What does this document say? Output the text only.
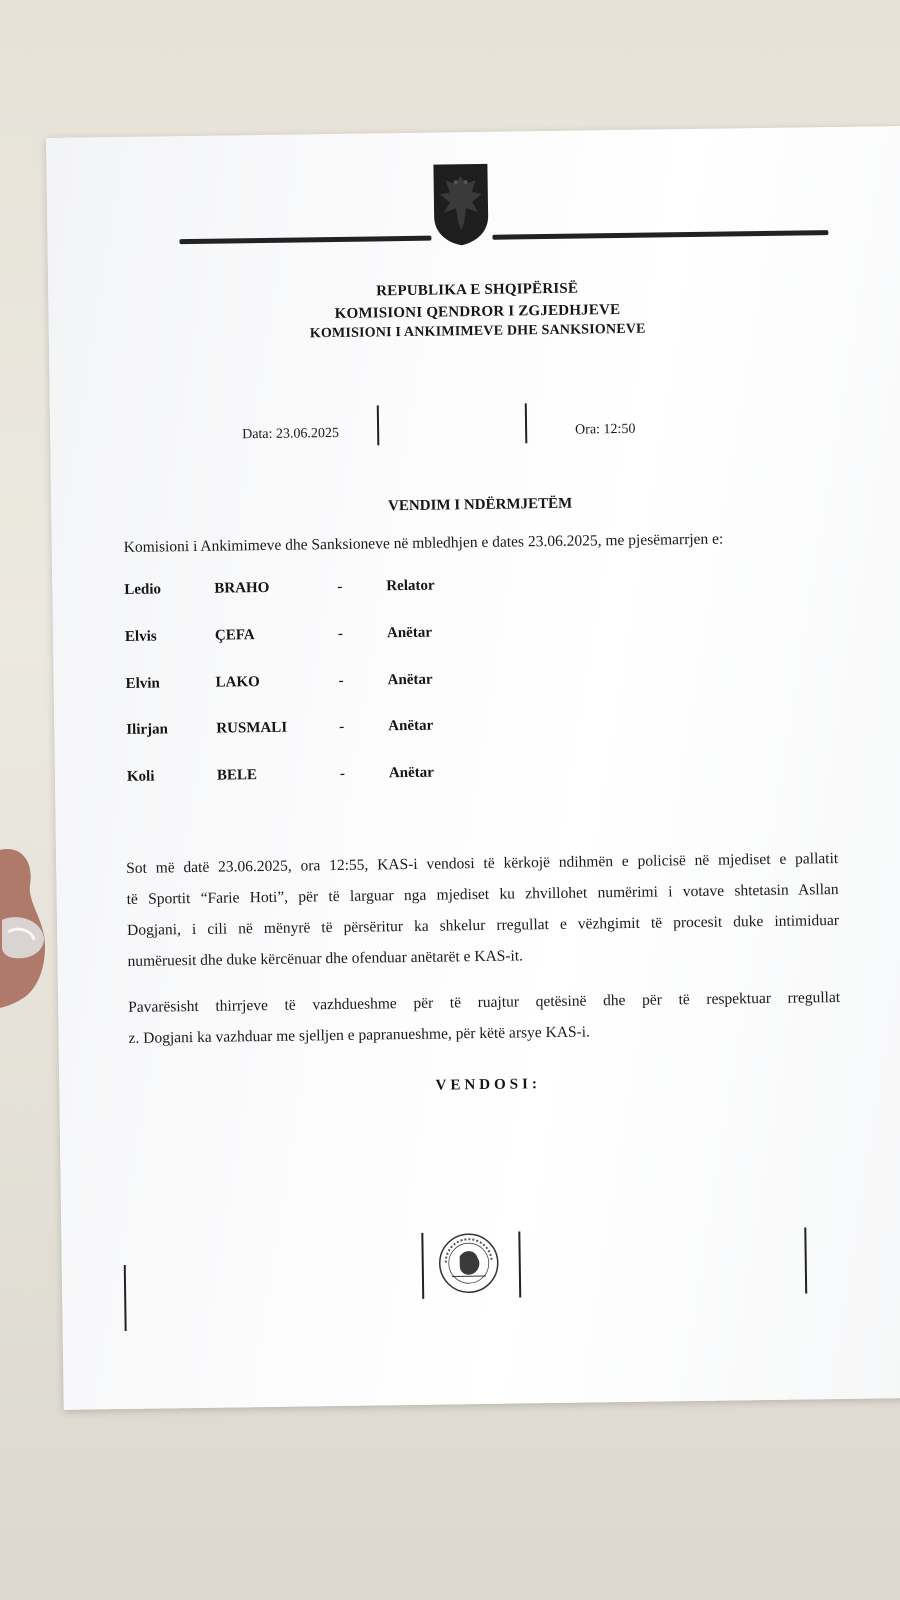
REPUBLIKA E SHQIPËRISË
KOMISIONI QENDROR I ZGJEDHJEVE
KOMISIONI I ANKIMIMEVE DHE SANKSIONEVE
Data: 23.06.2025	Ora: 12:50
VENDIM I NDËRMJETËM
Komisioni i Ankimimeve dhe Sanksioneve në mbledhjen e dates 23.06.2025, me pjesëmarrjen e:
Ledio	BRAHO	-	Relator
Elvis	ÇEFA	-	Anëtar
Elvin	LAKO	-	Anëtar
Ilirjan	RUSMALI	-	Anëtar
Koli	BELE	-	Anëtar
Sot më datë 23.06.2025, ora 12:55, KAS-i vendosi të kërkojë ndihmën e policisë në mjediset e pallatit
të Sportit “Farie Hoti”, për të larguar nga mjediset ku zhvillohet numërimi i votave shtetasin Asllan
Dogjani, i cili në mënyrë të përsëritur ka shkelur rregullat e vëzhgimit të procesit duke intimiduar
numëruesit dhe duke kërcënuar dhe ofenduar anëtarët e KAS-it.
Pavarësisht thirrjeve të vazhdueshme për të ruajtur qetësinë dhe për të respektuar rregullat
z. Dogjani ka vazhduar me sjelljen e papranueshme, për këtë arsye KAS-i.
VENDOSI:
